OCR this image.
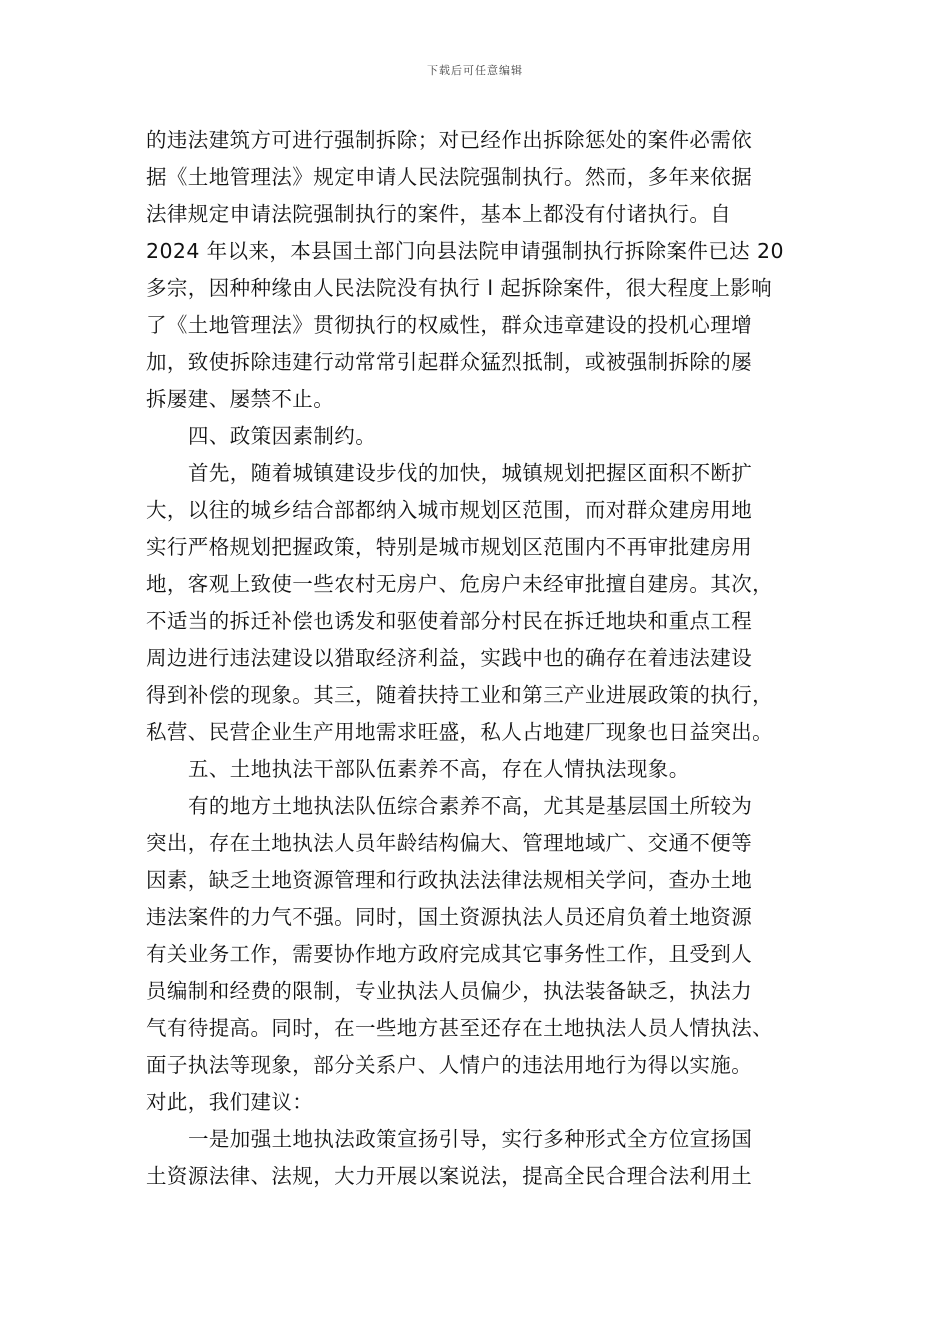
下载后可任意编辑
的违法建筑方可进行强制拆除；对已经作出拆除惩处的案件必需依
据《土地管理法》规定申请人民法院强制执行。然而，多年来依据
法律规定申请法院强制执行的案件，基本上都没有付诸执行。自
2024 年以来，本县国土部门向县法院申请强制执行拆除案件已达 20
多宗，因种种缘由人民法院没有执行 l 起拆除案件，很大程度上影响
了《土地管理法》贯彻执行的权威性，群众违章建设的投机心理增
加，致使拆除违建行动常常引起群众猛烈抵制，或被强制拆除的屡
拆屡建、屡禁不止。
四、政策因素制约。
首先，随着城镇建设步伐的加快，城镇规划把握区面积不断扩
大，以往的城乡结合部都纳入城市规划区范围，而对群众建房用地
实行严格规划把握政策，特别是城市规划区范围内不再审批建房用
地，客观上致使一些农村无房户、危房户未经审批擅自建房。其次，
不适当的拆迁补偿也诱发和驱使着部分村民在拆迁地块和重点工程
周边进行违法建设以猎取经济利益，实践中也的确存在着违法建设
得到补偿的现象。其三，随着扶持工业和第三产业进展政策的执行，
私营、民营企业生产用地需求旺盛，私人占地建厂现象也日益突出。
五、土地执法干部队伍素养不高，存在人情执法现象。
有的地方土地执法队伍综合素养不高，尤其是基层国土所较为
突出，存在土地执法人员年龄结构偏大、管理地域广、交通不便等
因素，缺乏土地资源管理和行政执法法律法规相关学问，查办土地
违法案件的力气不强。同时，国土资源执法人员还肩负着土地资源
有关业务工作，需要协作地方政府完成其它事务性工作，且受到人
员编制和经费的限制，专业执法人员偏少，执法装备缺乏，执法力
气有待提高。同时，在一些地方甚至还存在土地执法人员人情执法、
面子执法等现象，部分关系户、人情户的违法用地行为得以实施。
对此，我们建议：
一是加强土地执法政策宣扬引导，实行多种形式全方位宣扬国
土资源法律、法规，大力开展以案说法，提高全民合理合法利用土
